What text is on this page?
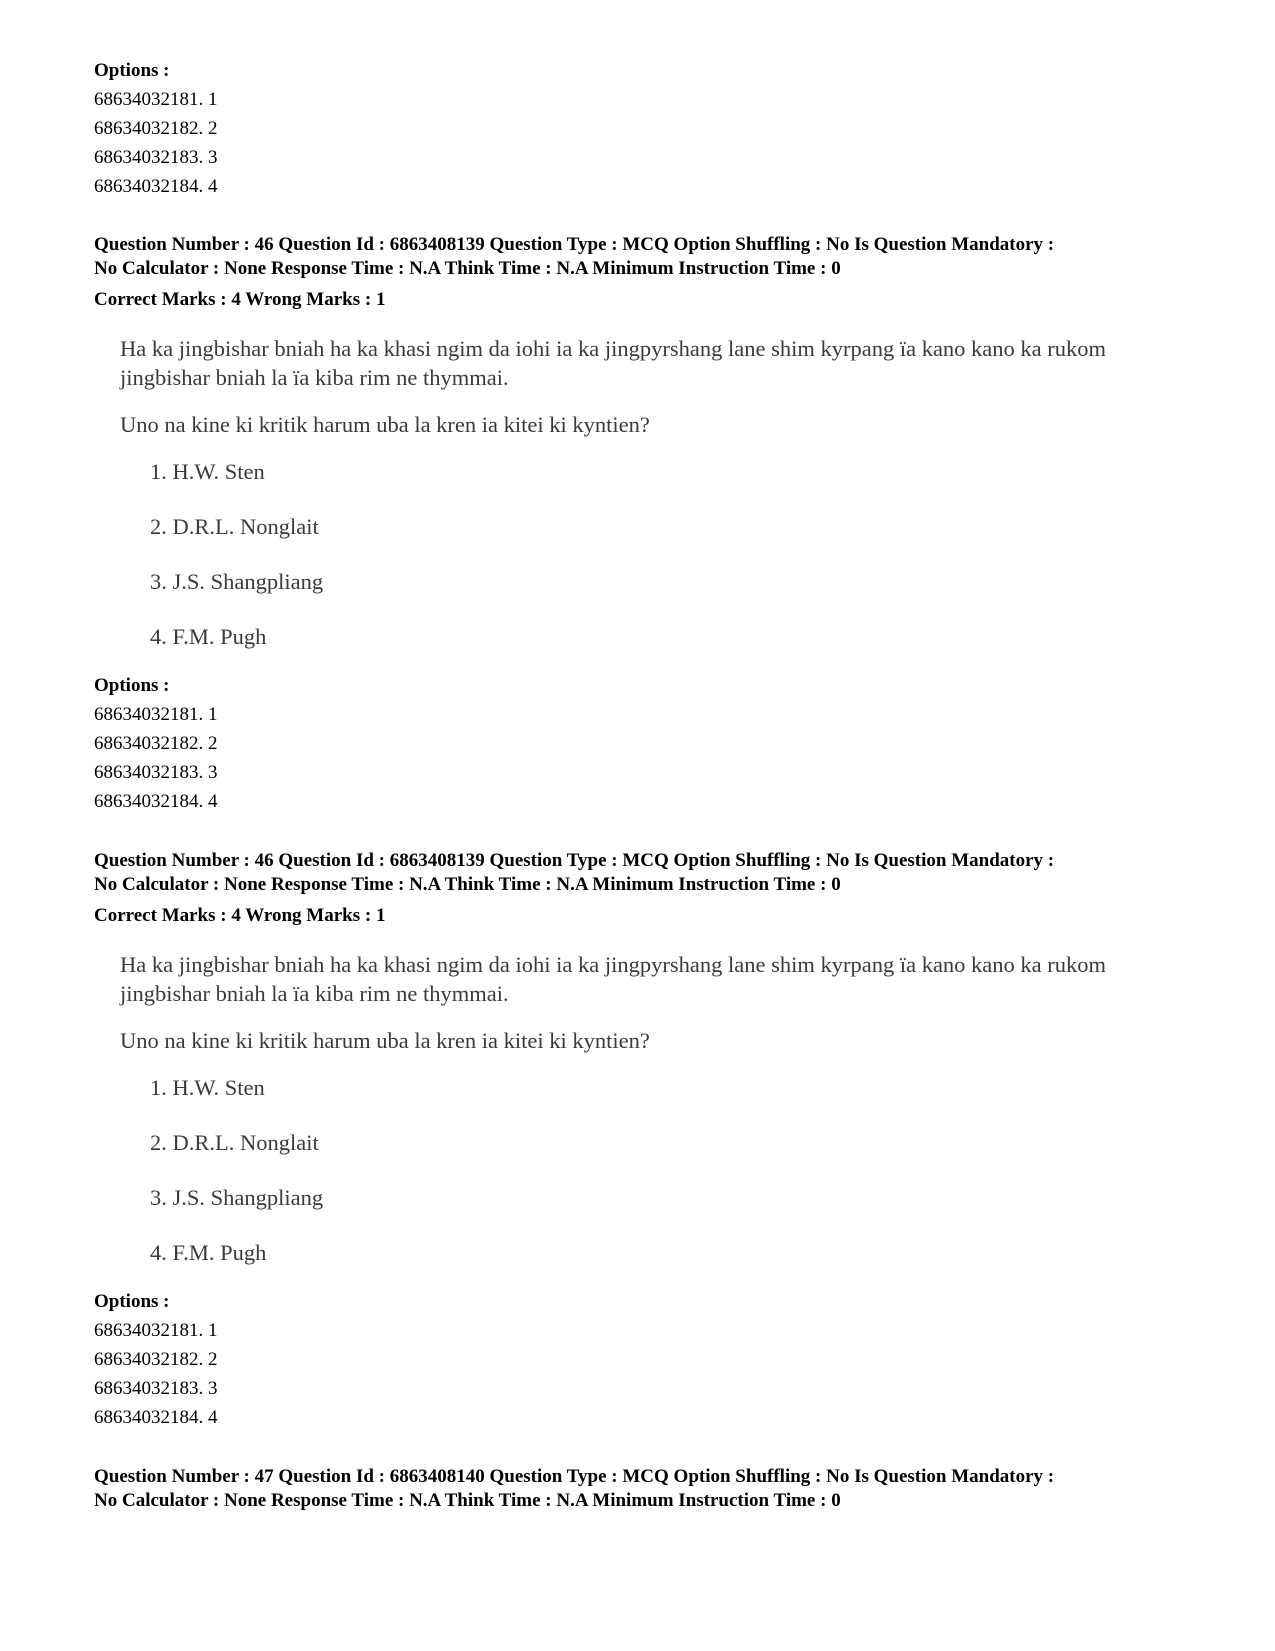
Options :
68634032181. 1
68634032182. 2
68634032183. 3
68634032184. 4
Question Number : 46 Question Id : 6863408139 Question Type : MCQ Option Shuffling : No Is Question Mandatory :
No Calculator : None Response Time : N.A Think Time : N.A Minimum Instruction Time : 0
Correct Marks : 4 Wrong Marks : 1
Ha ka jingbishar bniah ha ka khasi ngim da iohi ia ka jingpyrshang lane shim kyrpang ïa kano kano ka rukom jingbishar bniah la ïa kiba rim ne thymmai.
Uno na kine ki kritik harum uba la kren ia kitei ki kyntien?
1. H.W. Sten
2. D.R.L. Nonglait
3. J.S. Shangpliang
4. F.M. Pugh
Options :
68634032181. 1
68634032182. 2
68634032183. 3
68634032184. 4
Question Number : 46 Question Id : 6863408139 Question Type : MCQ Option Shuffling : No Is Question Mandatory :
No Calculator : None Response Time : N.A Think Time : N.A Minimum Instruction Time : 0
Correct Marks : 4 Wrong Marks : 1
Ha ka jingbishar bniah ha ka khasi ngim da iohi ia ka jingpyrshang lane shim kyrpang ïa kano kano ka rukom jingbishar bniah la ïa kiba rim ne thymmai.
Uno na kine ki kritik harum uba la kren ia kitei ki kyntien?
1. H.W. Sten
2. D.R.L. Nonglait
3. J.S. Shangpliang
4. F.M. Pugh
Options :
68634032181. 1
68634032182. 2
68634032183. 3
68634032184. 4
Question Number : 47 Question Id : 6863408140 Question Type : MCQ Option Shuffling : No Is Question Mandatory :
No Calculator : None Response Time : N.A Think Time : N.A Minimum Instruction Time : 0
